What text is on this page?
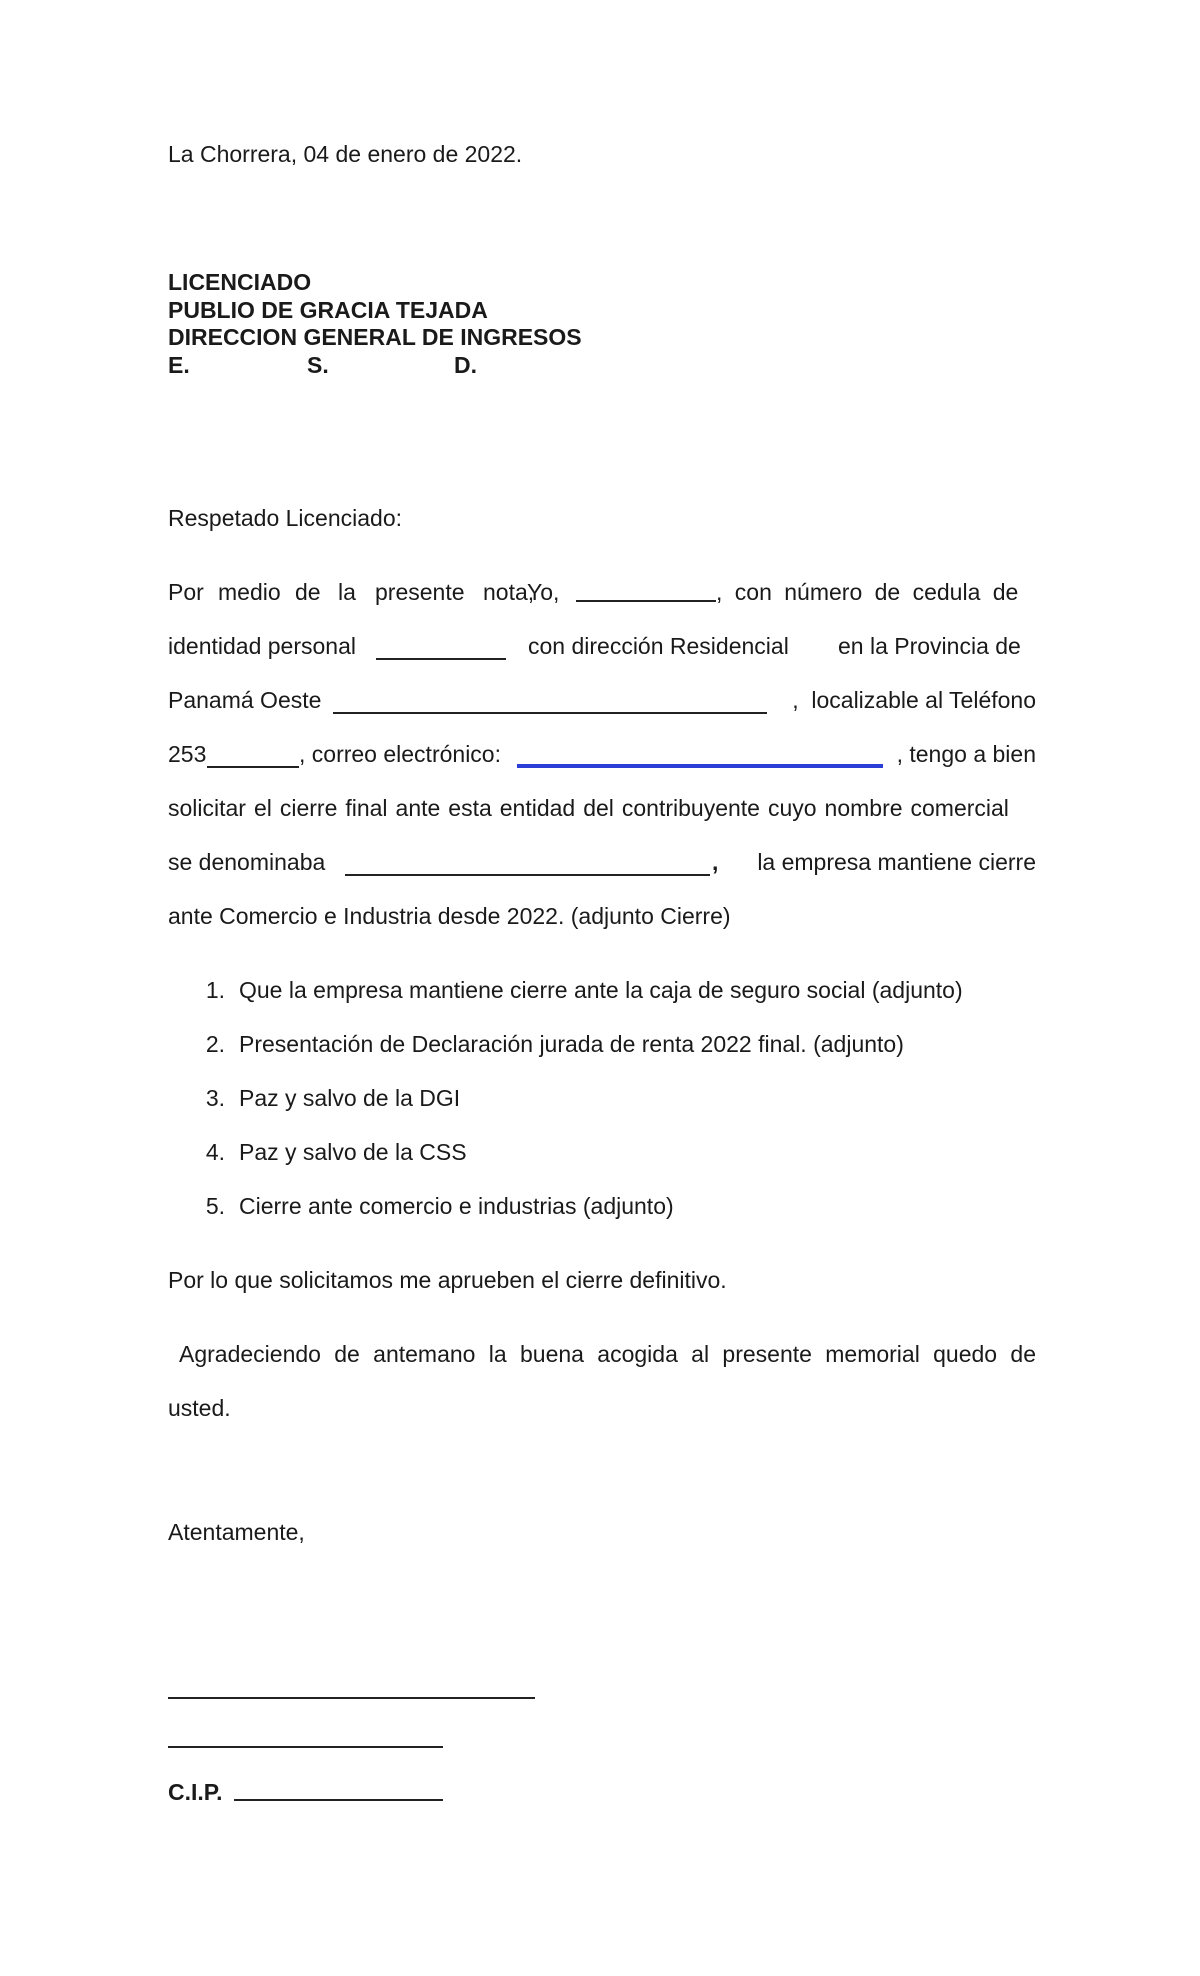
La Chorrera, 04 de enero de 2022.
LICENCIADO
PUBLIO DE GRACIA TEJADA
DIRECCION GENERAL DE INGRESOS
E.	S.	D.
Respetado Licenciado:
Por medio de la presente nota,
Yo,	, con número de cedula de
identidad personal	con dirección Residencial en la Provincia de
Panamá Oeste	,  localizable al Teléfono
253	, correo electrónico:	, tengo a bien
solicitar el cierre final ante esta entidad del contribuyente cuyo nombre comercial
se denominaba	,	la empresa mantiene cierre
ante Comercio e Industria desde 2022. (adjunto Cierre)
1. Que la empresa mantiene cierre ante la caja de seguro social (adjunto)
2. Presentación de Declaración jurada de renta 2022 final. (adjunto)
3. Paz y salvo de la DGI
4. Paz y salvo de la CSS
5. Cierre ante comercio e industrias (adjunto)
Por lo que solicitamos me aprueben el cierre definitivo.
Agradeciendo de antemano la buena acogida al presente memorial quedo de
usted.
Atentamente,
C.I.P.
